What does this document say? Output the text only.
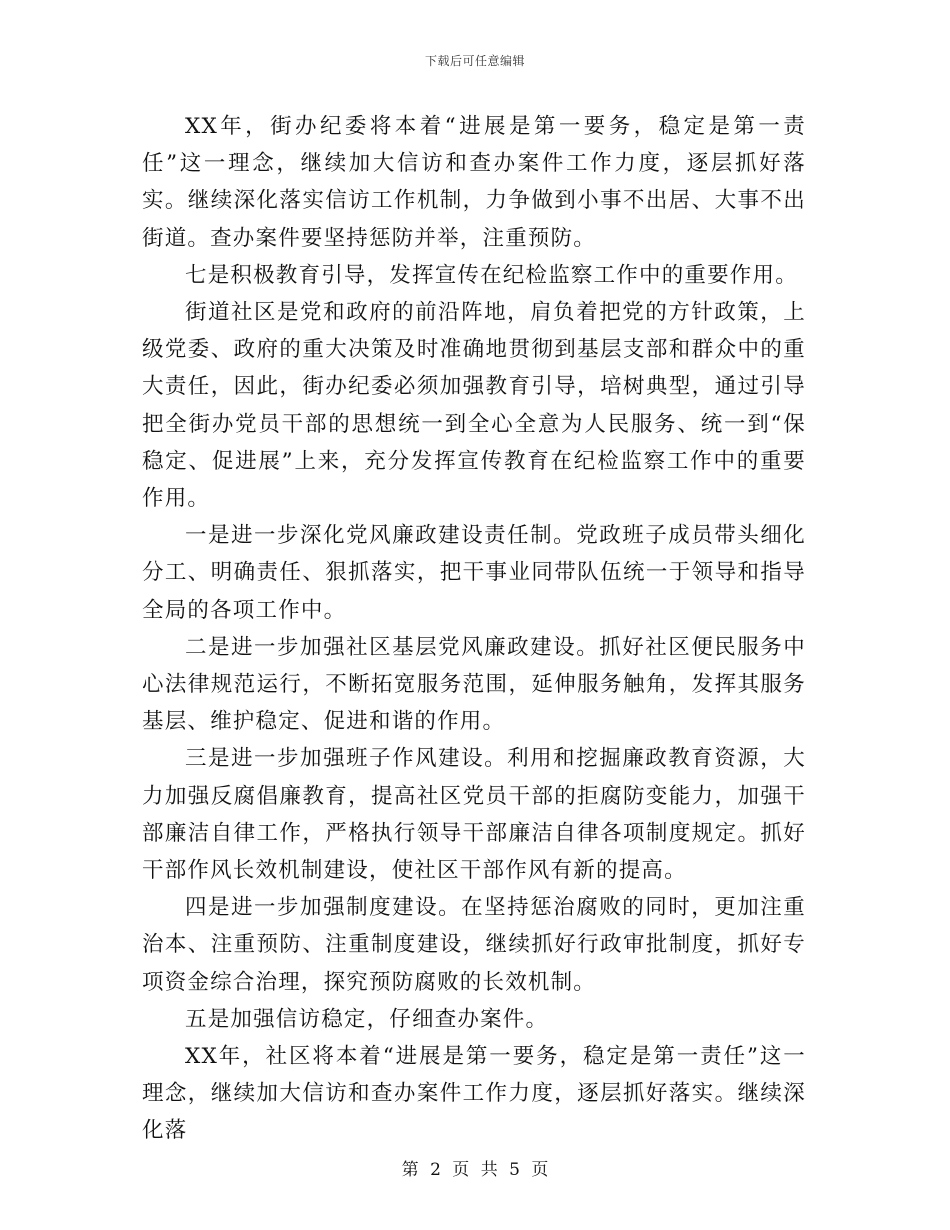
下载后可任意编辑

XX年，街办纪委将本着“进展是第一要务，稳定是第一责任”这一理念，继续加大信访和查办案件工作力度，逐层抓好落实。继续深化落实信访工作机制，力争做到小事不出居、大事不出街道。查办案件要坚持惩防并举，注重预防。

七是积极教育引导，发挥宣传在纪检监察工作中的重要作用。

街道社区是党和政府的前沿阵地，肩负着把党的方针政策，上级党委、政府的重大决策及时准确地贯彻到基层支部和群众中的重大责任，因此，街办纪委必须加强教育引导，培树典型，通过引导把全街办党员干部的思想统一到全心全意为人民服务、统一到“保稳定、促进展”上来，充分发挥宣传教育在纪检监察工作中的重要作用。

一是进一步深化党风廉政建设责任制。党政班子成员带头细化分工、明确责任、狠抓落实，把干事业同带队伍统一于领导和指导全局的各项工作中。

二是进一步加强社区基层党风廉政建设。抓好社区便民服务中心法律规范运行，不断拓宽服务范围，延伸服务触角，发挥其服务基层、维护稳定、促进和谐的作用。

三是进一步加强班子作风建设。利用和挖掘廉政教育资源，大力加强反腐倡廉教育，提高社区党员干部的拒腐防变能力，加强干部廉洁自律工作，严格执行领导干部廉洁自律各项制度规定。抓好干部作风长效机制建设，使社区干部作风有新的提高。

四是进一步加强制度建设。在坚持惩治腐败的同时，更加注重治本、注重预防、注重制度建设，继续抓好行政审批制度，抓好专项资金综合治理，探究预防腐败的长效机制。

五是加强信访稳定，仔细查办案件。

XX年，社区将本着“进展是第一要务，稳定是第一责任”这一理念，继续加大信访和查办案件工作力度，逐层抓好落实。继续深化落

第 2 页 共 5 页
